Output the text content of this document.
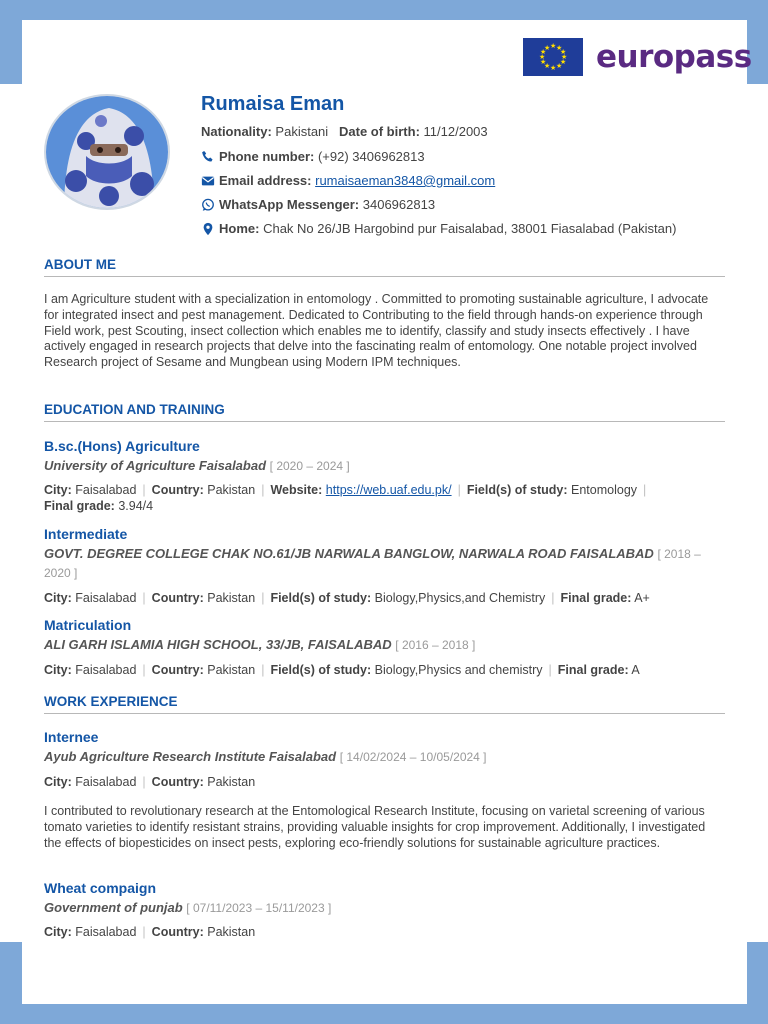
★ ★
★
★
★
★
★
★
★
★
★
★ europass
Rumaisa Eman
Nationality:
Pakistani
Date of birth:
11/12/2003
Phone number:
(+92) 3406962813
Email address:
rumaisaeman3848@gmail.com
WhatsApp Messenger:
3406962813
Home:
Chak No 26/JB Hargobind pur Faisalabad, 38001 Fiasalabad (Pakistan)
ABOUT ME

I am Agriculture student with a specialization in entomology . Committed to promoting sustainable agriculture, I advocate for integrated insect and pest management. Dedicated to Contributing to the field through hands-on experience through Field work, pest Scouting, insect collection which enables me to identify, classify and study insects effectively . I have actively engaged in research projects that delve into the fascinating realm of entomology. One notable project involved Research project of Sesame and Mungbean using Modern IPM techniques.

EDUCATION AND TRAINING
B.sc.(Hons) Agriculture
University of Agriculture Faisalabad [ 2020 – 2024 ]
City: Faisalabad | Country: Pakistan | Website: https://web.uaf.edu.pk/ | Field(s) of study: Entomology |
Final grade: 3.94/4
Intermediate
GOVT. DEGREE COLLEGE CHAK NO.61/JB NARWALA BANGLOW, NARWALA ROAD FAISALABAD [ 2018 – 2020 ]
City: Faisalabad | Country: Pakistan | Field(s) of study: Biology,Physics,and Chemistry | Final grade: A+
Matriculation
ALI GARH ISLAMIA HIGH SCHOOL, 33/JB, FAISALABAD [ 2016 – 2018 ]
City: Faisalabad | Country: Pakistan | Field(s) of study: Biology,Physics and chemistry | Final grade: A
WORK EXPERIENCE
Internee
Ayub Agriculture Research Institute Faisalabad [ 14/02/2024 – 10/05/2024 ]
City: Faisalabad | Country: Pakistan

I contributed to revolutionary research at the Entomological Research Institute, focusing on varietal screening of various tomato varieties to identify resistant strains, providing valuable insights for crop improvement. Additionally, I investigated the effects of biopesticides on insect pests, exploring eco-friendly solutions for sustainable agriculture practices.

Wheat compaign
Government of punjab [ 07/11/2023 – 15/11/2023 ]
City: Faisalabad | Country: Pakistan
